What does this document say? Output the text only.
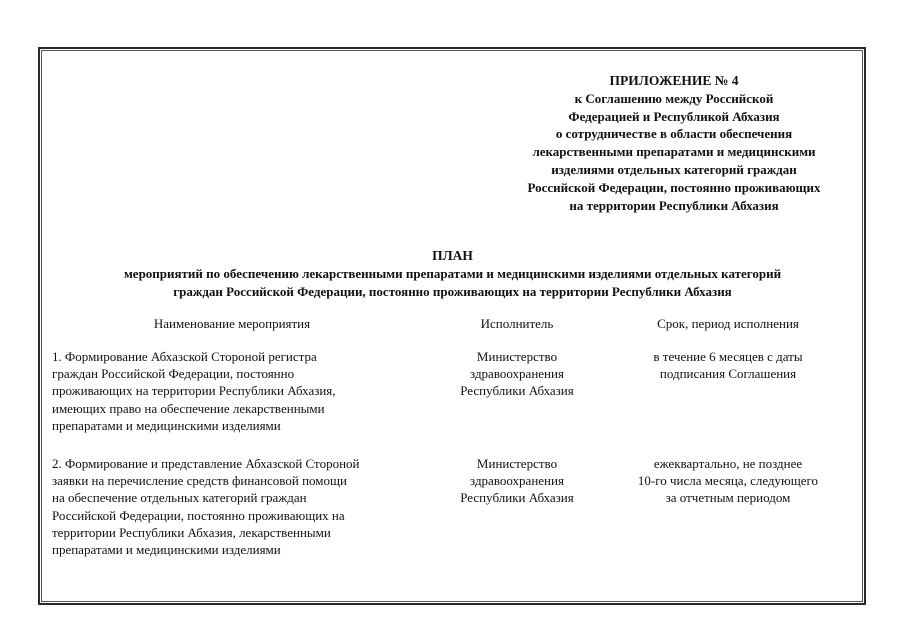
ПРИЛОЖЕНИЕ № 4
к Соглашению между Российской
Федерацией и Республикой Абхазия
о сотрудничестве в области обеспечения
лекарственными препаратами и медицинскими
изделиями отдельных категорий граждан
Российской Федерации, постоянно проживающих
на территории Республики Абхазия
ПЛАН
мероприятий по обеспечению лекарственными препаратами и медицинскими изделиями отдельных категорий
граждан Российской Федерации, постоянно проживающих на территории Республики Абхазия
Наименование мероприятия	Исполнитель	Срок, период исполнения
1. Формирование Абхазской Стороной регистра
граждан Российской Федерации, постоянно
проживающих на территории Республики Абхазия,
имеющих право на обеспечение лекарственными
препаратами и медицинскими изделиями
Министерство
здравоохранения
Республики Абхазия
в течение 6 месяцев с даты
подписания Соглашения
2. Формирование и представление Абхазской Стороной
заявки на перечисление средств финансовой помощи
на обеспечение отдельных категорий граждан
Российской Федерации, постоянно проживающих на
территории Республики Абхазия, лекарственными
препаратами и медицинскими изделиями
Министерство
здравоохранения
Республики Абхазия
ежеквартально, не позднее
10-го числа месяца, следующего
за отчетным периодом
